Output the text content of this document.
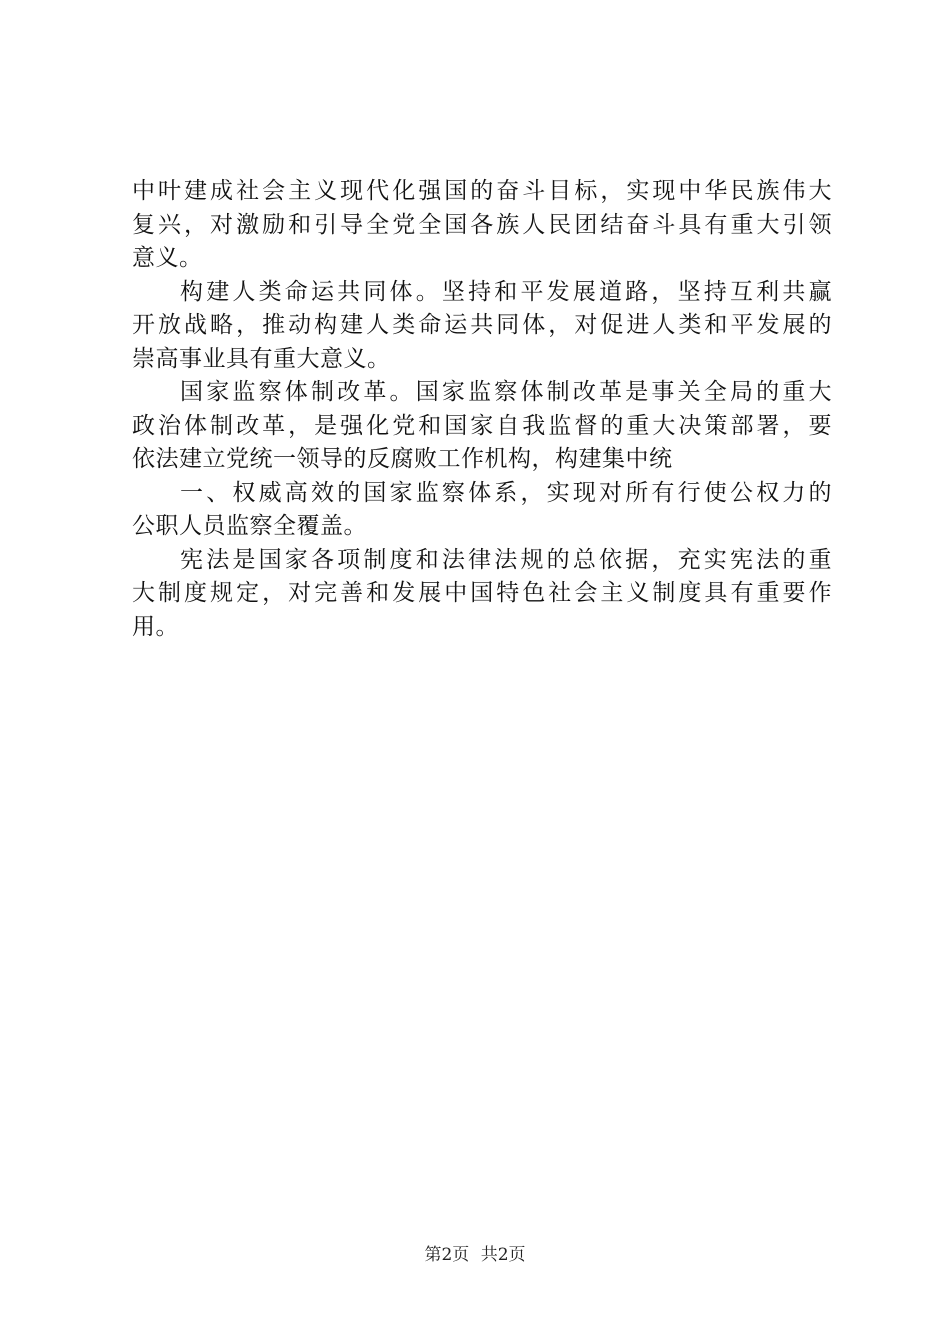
中叶建成社会主义现代化强国的奋斗目标，实现中华民族伟大
复兴，对激励和引导全党全国各族人民团结奋斗具有重大引领
意义。
构建人类命运共同体。坚持和平发展道路，坚持互利共赢
开放战略，推动构建人类命运共同体，对促进人类和平发展的
崇高事业具有重大意义。
国家监察体制改革。国家监察体制改革是事关全局的重大
政治体制改革，是强化党和国家自我监督的重大决策部署，要
依法建立党统一领导的反腐败工作机构，构建集中统
一、权威高效的国家监察体系，实现对所有行使公权力的
公职人员监察全覆盖。
宪法是国家各项制度和法律法规的总依据，充实宪法的重
大制度规定，对完善和发展中国特色社会主义制度具有重要作
用。
第2页 共2页
